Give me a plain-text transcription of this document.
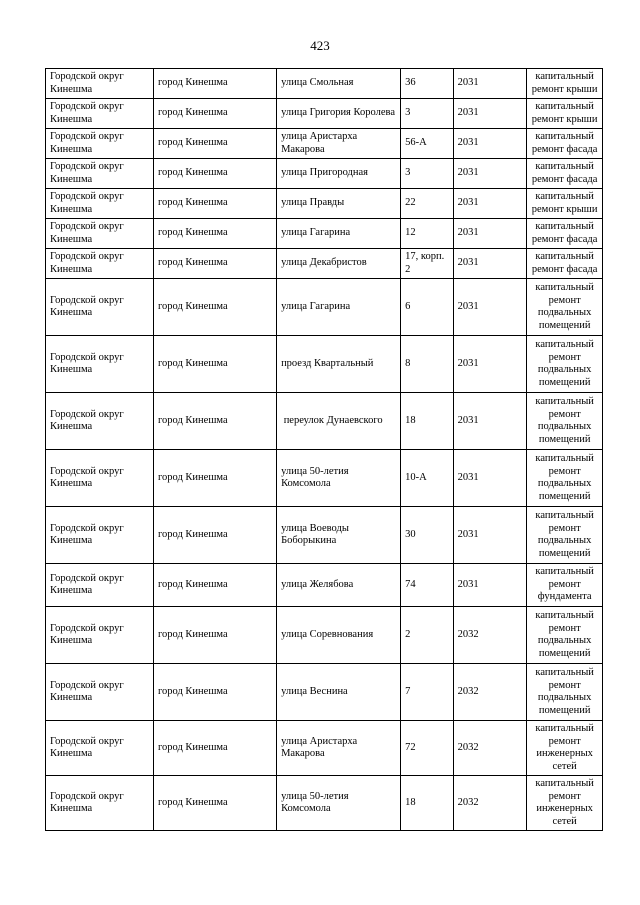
423
Городской округ Кинешма	город Кинешма	улица Смольная	36	2031	капитальный ремонт крыши
Городской округ Кинешма	город Кинешма	улица Григория Королева	3	2031	капитальный ремонт крыши
Городской округ Кинешма	город Кинешма	улица Аристарха Макарова	56-А	2031	капитальный ремонт фасада
Городской округ Кинешма	город Кинешма	улица Пригородная	3	2031	капитальный ремонт фасада
Городской округ Кинешма	город Кинешма	улица Правды	22	2031	капитальный ремонт крыши
Городской округ Кинешма	город Кинешма	улица Гагарина	12	2031	капитальный ремонт фасада
Городской округ Кинешма	город Кинешма	улица Декабристов	17, корп. 2	2031	капитальный ремонт фасада
Городской округ Кинешма	город Кинешма	улица Гагарина	6	2031	капитальный ремонт подвальных помещений
Городской округ Кинешма	город Кинешма	проезд Квартальный	8	2031	капитальный ремонт подвальных помещений
Городской округ Кинешма	город Кинешма	переулок Дунаевского	18	2031	капитальный ремонт подвальных помещений
Городской округ Кинешма	город Кинешма	улица 50-летия Комсомола	10-А	2031	капитальный ремонт подвальных помещений
Городской округ Кинешма	город Кинешма	улица Воеводы Боборыкина	30	2031	капитальный ремонт подвальных помещений
Городской округ Кинешма	город Кинешма	улица Желябова	74	2031	капитальный ремонт фундамента
Городской округ Кинешма	город Кинешма	улица Соревнования	2	2032	капитальный ремонт подвальных помещений
Городской округ Кинешма	город Кинешма	улица Веснина	7	2032	капитальный ремонт подвальных помещений
Городской округ Кинешма	город Кинешма	улица Аристарха Макарова	72	2032	капитальный ремонт инженерных сетей
Городской округ Кинешма	город Кинешма	улица 50-летия Комсомола	18	2032	капитальный ремонт инженерных сетей
